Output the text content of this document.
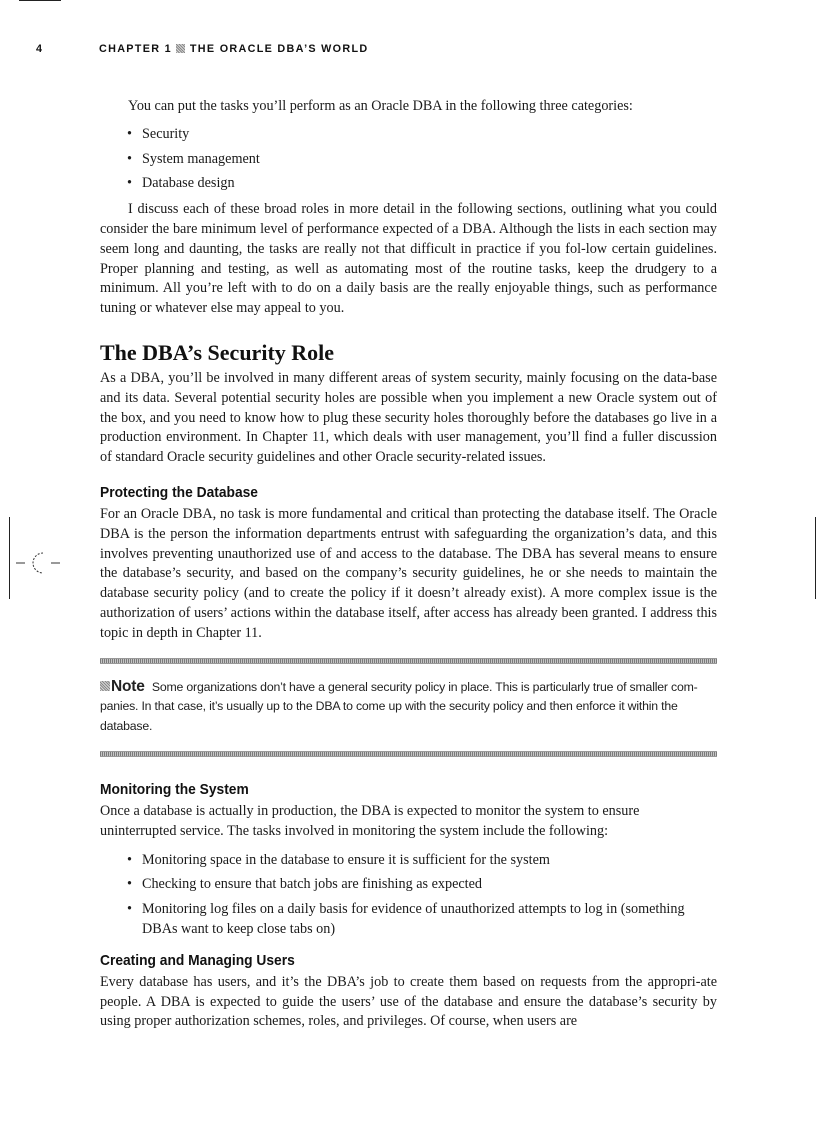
4	CHAPTER 1 THE ORACLE DBA’S WORLD

You can put the tasks you’ll perform as an Oracle DBA in the following three categories:

• Security
• System management
• Database design

I discuss each of these broad roles in more detail in the following sections, outlining what you could consider the bare minimum level of performance expected of a DBA. Although the lists in each section may seem long and daunting, the tasks are really not that difficult in practice if you fol-low certain guidelines. Proper planning and testing, as well as automating most of the routine tasks, keep the drudgery to a minimum. All you’re left with to do on a daily basis are the really enjoyable things, such as performance tuning or whatever else may appeal to you.

The DBA’s Security Role

As a DBA, you’ll be involved in many different areas of system security, mainly focusing on the data-base and its data. Several potential security holes are possible when you implement a new Oracle system out of the box, and you need to know how to plug these security holes thoroughly before the databases go live in a production environment. In Chapter 11, which deals with user management, you’ll find a fuller discussion of standard Oracle security guidelines and other Oracle security-related issues.

Protecting the Database

For an Oracle DBA, no task is more fundamental and critical than protecting the database itself. The Oracle DBA is the person the information departments entrust with safeguarding the organization’s data, and this involves preventing unauthorized use of and access to the database. The DBA has several means to ensure the database’s security, and based on the company’s security guidelines, he or she needs to maintain the database security policy (and to create the policy if it doesn’t already exist). A more complex issue is the authorization of users’ actions within the database itself, after access has already been granted. I address this topic in depth in Chapter 11.

Note Some organizations don’t have a general security policy in place. This is particularly true of smaller com-panies. In that case, it’s usually up to the DBA to come up with the security policy and then enforce it within the database.
Monitoring the System

Once a database is actually in production, the DBA is expected to monitor the system to ensure uninterrupted service. The tasks involved in monitoring the system include the following:

• Monitoring space in the database to ensure it is sufficient for the system
• Checking to ensure that batch jobs are finishing as expected
• Monitoring log files on a daily basis for evidence of unauthorized attempts to log in (something DBAs want to keep close tabs on)
Creating and Managing Users

Every database has users, and it’s the DBA’s job to create them based on requests from the appropri-ate people. A DBA is expected to guide the users’ use of the database and ensure the database’s security by using proper authorization schemes, roles, and privileges. Of course, when users are
